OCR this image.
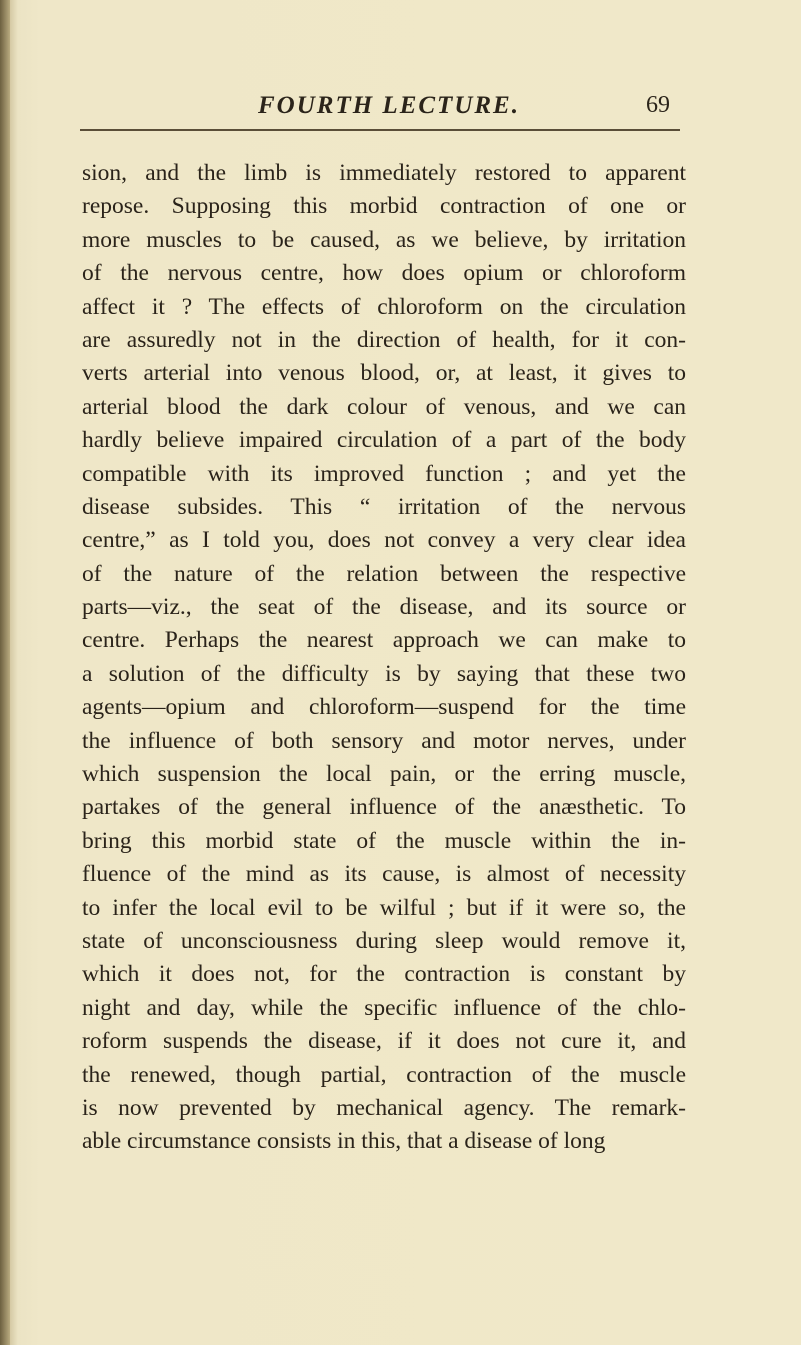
FOURTH LECTURE.	69
sion, and the limb is immediately restored to apparent
repose. Supposing this morbid contraction of one or
more muscles to be caused, as we believe, by irritation
of the nervous centre, how does opium or chloroform
affect it ? The effects of chloroform on the circulation
are assuredly not in the direction of health, for it con-
verts arterial into venous blood, or, at least, it gives to
arterial blood the dark colour of venous, and we can
hardly believe impaired circulation of a part of the body
compatible with its improved function ; and yet the
disease subsides. This “ irritation of the nervous
centre,” as I told you, does not convey a very clear idea
of the nature of the relation between the respective
parts—viz., the seat of the disease, and its source or
centre. Perhaps the nearest approach we can make to
a solution of the difficulty is by saying that these two
agents—opium and chloroform—suspend for the time
the influence of both sensory and motor nerves, under
which suspension the local pain, or the erring muscle,
partakes of the general influence of the anæsthetic. To
bring this morbid state of the muscle within the in-
fluence of the mind as its cause, is almost of necessity
to infer the local evil to be wilful ; but if it were so, the
state of unconsciousness during sleep would remove it,
which it does not, for the contraction is constant by
night and day, while the specific influence of the chlo-
roform suspends the disease, if it does not cure it, and
the renewed, though partial, contraction of the muscle
is now prevented by mechanical agency. The remark-
able circumstance consists in this, that a disease of long
